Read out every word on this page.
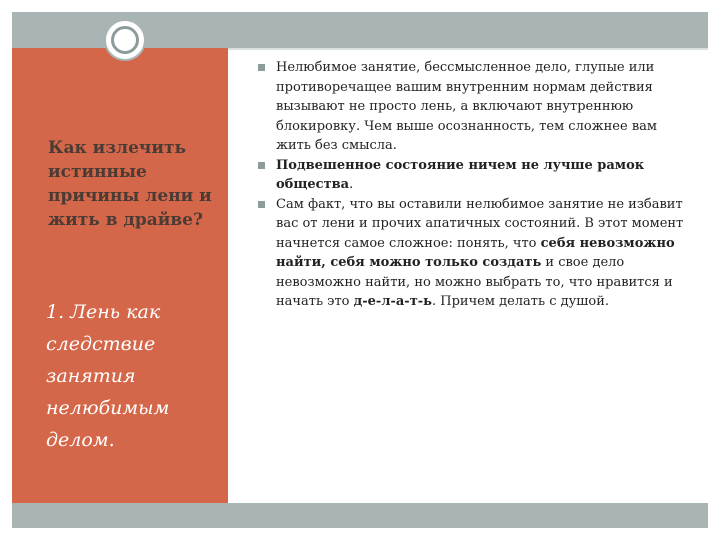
Как излечить истинные причины лени и жить в драйве?

1. Лень как следствие занятия нелюбимым делом.

Нелюбимое занятие, бессмысленное дело, глупые или противоречащее вашим внутренним нормам действия вызывают не просто лень, а включают внутреннюю блокировку. Чем выше осознанность, тем сложнее вам жить без смысла.
Подвешенное состояние ничем не лучше рамок общества.
Сам факт, что вы оставили нелюбимое занятие не избавит вас от лени и прочих апатичных состояний. В этот момент начнется самое сложное: понять, что себя невозможно найти, себя можно только создать и свое дело невозможно найти, но можно выбрать то, что нравится и начать это д-е-л-а-т-ь. Причем делать с душой.
